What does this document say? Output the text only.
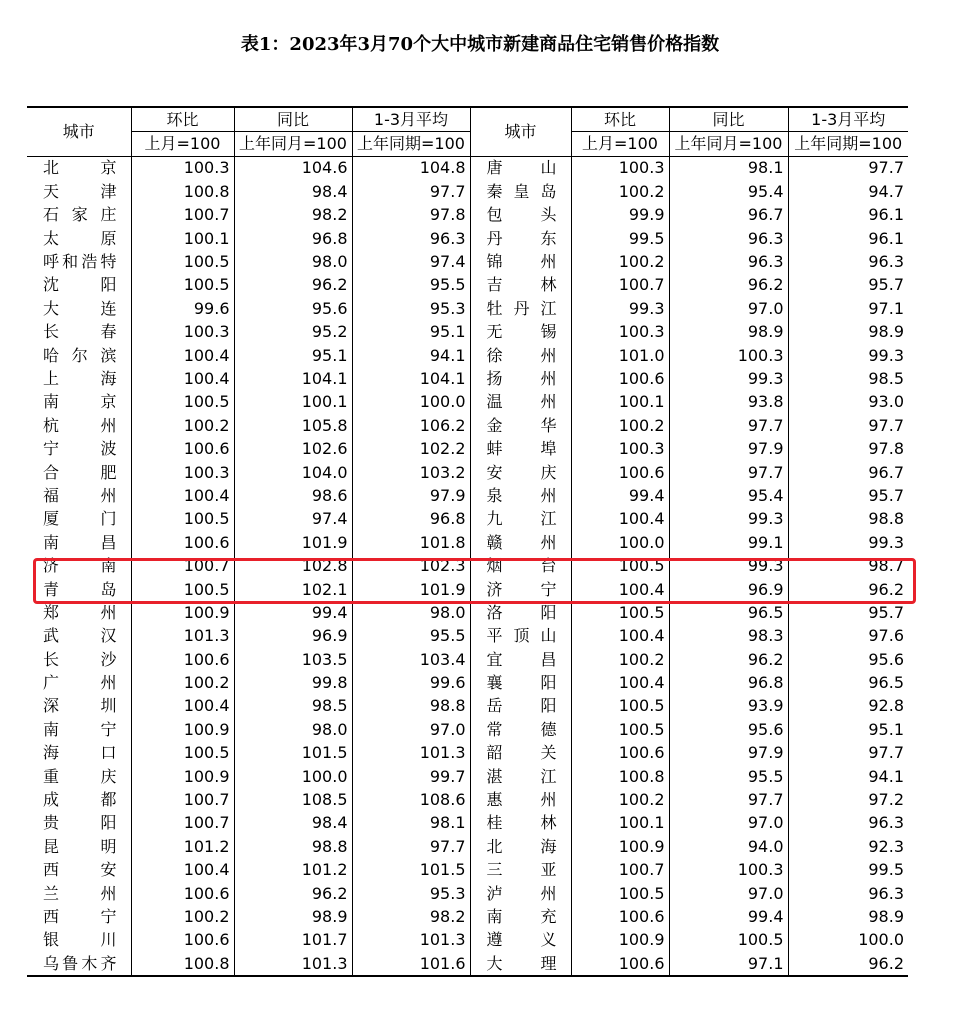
表1：2023年3月70个大中城市新建商品住宅销售价格指数
城市	环比	同比	1-3月平均	城市	环比	同比	1-3月平均
	上月=100	上年同月=100	上年同期=100		上月=100	上年同月=100	上年同期=100
北京	100.3	104.6	104.8	唐山	100.3	98.1	97.7
天津	100.8	98.4	97.7	秦皇岛	100.2	95.4	94.7
石家庄	100.7	98.2	97.8	包头	99.9	96.7	96.1
太原	100.1	96.8	96.3	丹东	99.5	96.3	96.1
呼和浩特	100.5	98.0	97.4	锦州	100.2	96.3	96.3
沈阳	100.5	96.2	95.5	吉林	100.7	96.2	95.7
大连	99.6	95.6	95.3	牡丹江	99.3	97.0	97.1
长春	100.3	95.2	95.1	无锡	100.3	98.9	98.9
哈尔滨	100.4	95.1	94.1	徐州	101.0	100.3	99.3
上海	100.4	104.1	104.1	扬州	100.6	99.3	98.5
南京	100.5	100.1	100.0	温州	100.1	93.8	93.0
杭州	100.2	105.8	106.2	金华	100.2	97.7	97.7
宁波	100.6	102.6	102.2	蚌埠	100.3	97.9	97.8
合肥	100.3	104.0	103.2	安庆	100.6	97.7	96.7
福州	100.4	98.6	97.9	泉州	99.4	95.4	95.7
厦门	100.5	97.4	96.8	九江	100.4	99.3	98.8
南昌	100.6	101.9	101.8	赣州	100.0	99.1	99.3
济南	100.7	102.8	102.3	烟台	100.5	99.3	98.7
青岛	100.5	102.1	101.9	济宁	100.4	96.9	96.2
郑州	100.9	99.4	98.0	洛阳	100.5	96.5	95.7
武汉	101.3	96.9	95.5	平顶山	100.4	98.3	97.6
长沙	100.6	103.5	103.4	宜昌	100.2	96.2	95.6
广州	100.2	99.8	99.6	襄阳	100.4	96.8	96.5
深圳	100.4	98.5	98.8	岳阳	100.5	93.9	92.8
南宁	100.9	98.0	97.0	常德	100.5	95.6	95.1
海口	100.5	101.5	101.3	韶关	100.6	97.9	97.7
重庆	100.9	100.0	99.7	湛江	100.8	95.5	94.1
成都	100.7	108.5	108.6	惠州	100.2	97.7	97.2
贵阳	100.7	98.4	98.1	桂林	100.1	97.0	96.3
昆明	101.2	98.8	97.7	北海	100.9	94.0	92.3
西安	100.4	101.2	101.5	三亚	100.7	100.3	99.5
兰州	100.6	96.2	95.3	泸州	100.5	97.0	96.3
西宁	100.2	98.9	98.2	南充	100.6	99.4	98.9
银川	100.6	101.7	101.3	遵义	100.9	100.5	100.0
乌鲁木齐	100.8	101.3	101.6	大理	100.6	97.1	96.2
